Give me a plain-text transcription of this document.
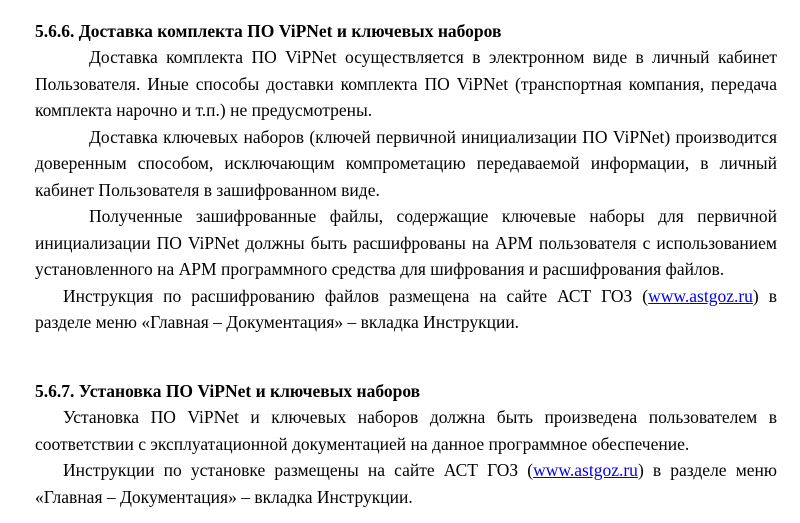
5.6.6. Доставка комплекта ПО ViPNet и ключевых наборов

Доставка комплекта ПО ViPNet осуществляется в электронном виде в личный кабинет Пользователя. Иные способы доставки комплекта ПО ViPNet (транспортная компания, передача комплекта нарочно и т.п.) не предусмотрены.

Доставка ключевых наборов (ключей первичной инициализации ПО ViPNet) производится доверенным способом, исключающим компрометацию передаваемой информации, в личный кабинет Пользователя в зашифрованном виде.

Полученные зашифрованные файлы, содержащие ключевые наборы для первичной инициализации ПО ViPNet должны быть расшифрованы на АРМ пользователя с использованием установленного на АРМ программного средства для шифрования и расшифрования файлов.

Инструкция по расшифрованию файлов размещена на сайте АСТ ГОЗ (www.astgoz.ru) в разделе меню «Главная – Документация» – вкладка Инструкции.

5.6.7. Установка ПО ViPNet и ключевых наборов

Установка ПО ViPNet и ключевых наборов должна быть произведена пользователем в соответствии с эксплуатационной документацией на данное программное обеспечение.

Инструкции по установке размещены на сайте АСТ ГОЗ (www.astgoz.ru) в разделе меню «Главная – Документация» – вкладка Инструкции.
